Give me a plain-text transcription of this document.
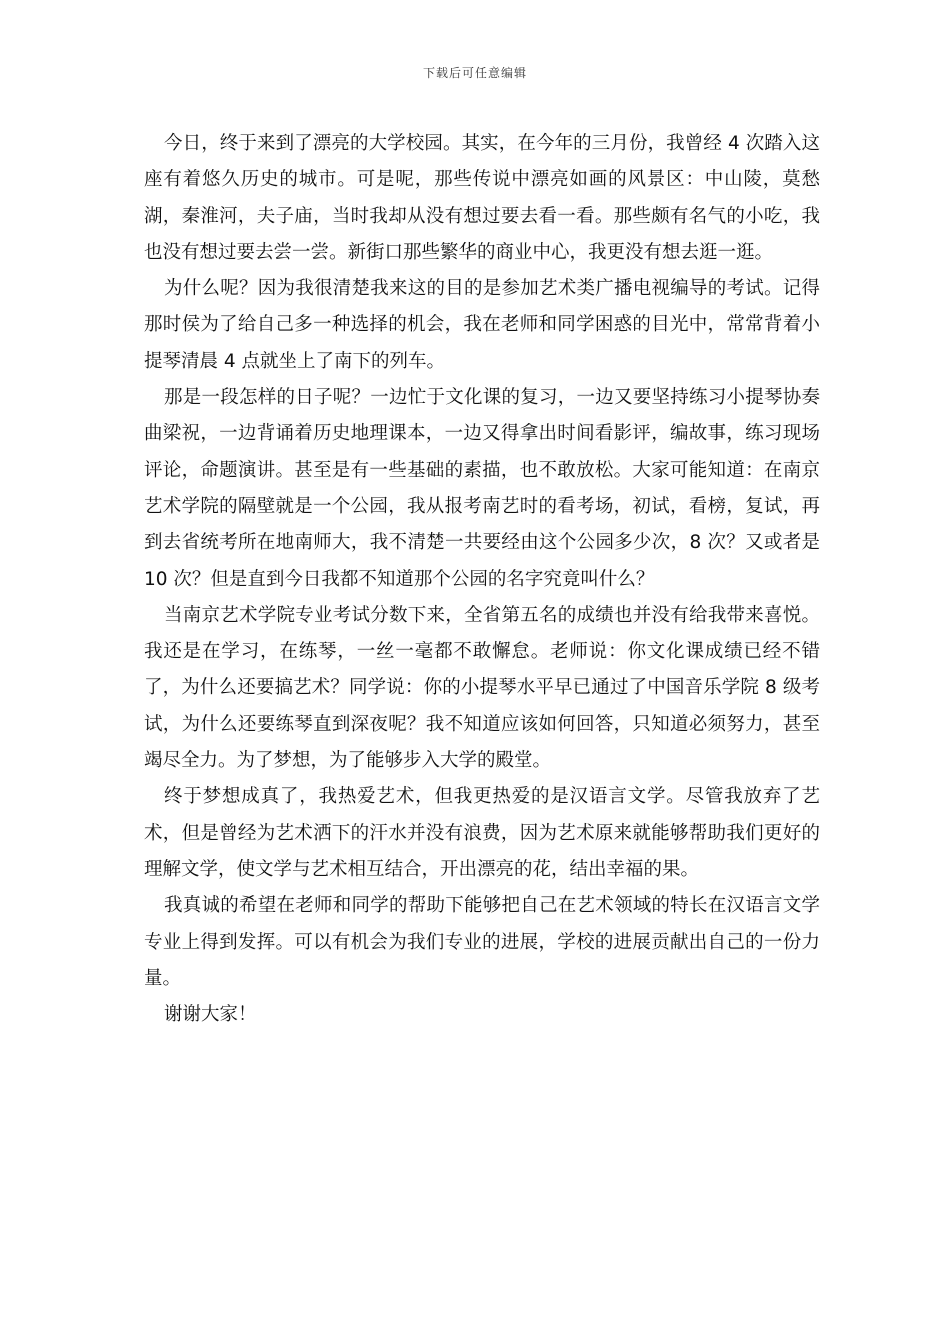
下载后可任意编辑

今日，终于来到了漂亮的大学校园。其实，在今年的三月份，我曾经 4 次踏入这座有着悠久历史的城市。可是呢，那些传说中漂亮如画的风景区：中山陵，莫愁湖，秦淮河，夫子庙，当时我却从没有想过要去看一看。那些颇有名气的小吃，我也没有想过要去尝一尝。新街口那些繁华的商业中心，我更没有想去逛一逛。

为什么呢？因为我很清楚我来这的目的是参加艺术类广播电视编导的考试。记得那时侯为了给自己多一种选择的机会，我在老师和同学困惑的目光中，常常背着小提琴清晨 4 点就坐上了南下的列车。

那是一段怎样的日子呢？一边忙于文化课的复习，一边又要坚持练习小提琴协奏曲梁祝，一边背诵着历史地理课本，一边又得拿出时间看影评，编故事，练习现场评论，命题演讲。甚至是有一些基础的素描，也不敢放松。大家可能知道：在南京艺术学院的隔壁就是一个公园，我从报考南艺时的看考场，初试，看榜，复试，再到去省统考所在地南师大，我不清楚一共要经由这个公园多少次，8 次？又或者是 10 次？但是直到今日我都不知道那个公园的名字究竟叫什么？

当南京艺术学院专业考试分数下来，全省第五名的成绩也并没有给我带来喜悦。我还是在学习，在练琴，一丝一毫都不敢懈怠。老师说：你文化课成绩已经不错了，为什么还要搞艺术？同学说：你的小提琴水平早已通过了中国音乐学院 8 级考试，为什么还要练琴直到深夜呢？我不知道应该如何回答，只知道必须努力，甚至竭尽全力。为了梦想，为了能够步入大学的殿堂。

终于梦想成真了，我热爱艺术，但我更热爱的是汉语言文学。尽管我放弃了艺术，但是曾经为艺术洒下的汗水并没有浪费，因为艺术原来就能够帮助我们更好的理解文学，使文学与艺术相互结合，开出漂亮的花，结出幸福的果。

我真诚的希望在老师和同学的帮助下能够把自己在艺术领域的特长在汉语言文学专业上得到发挥。可以有机会为我们专业的进展，学校的进展贡献出自己的一份力量。

谢谢大家！
